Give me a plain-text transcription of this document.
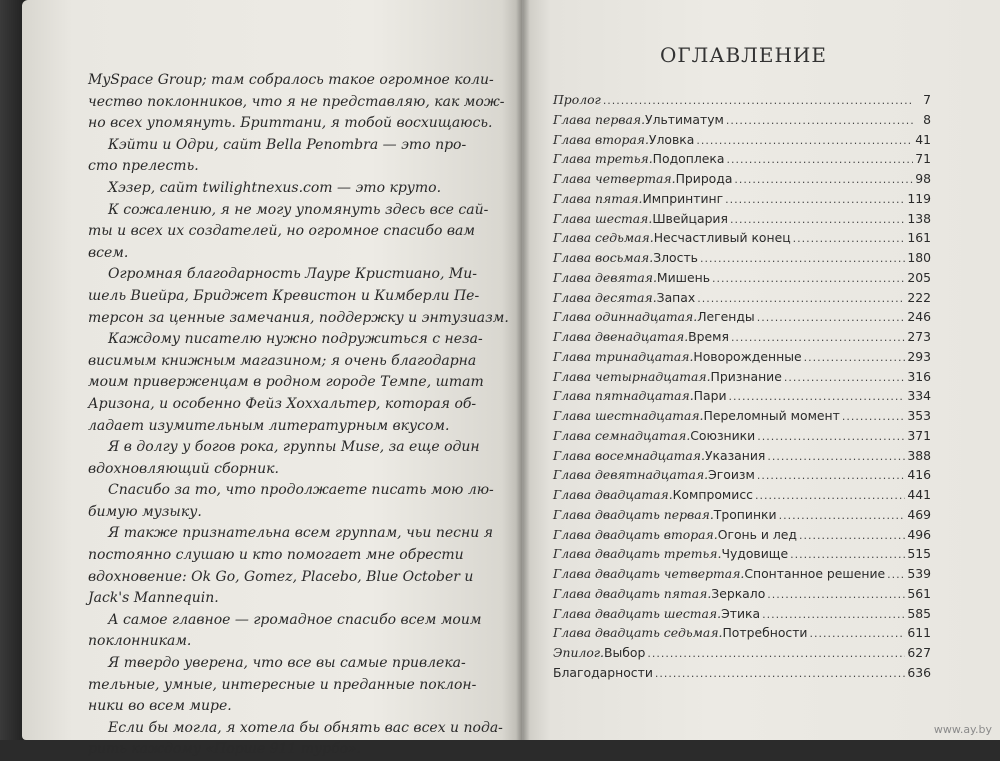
MySpace Group; там собралось такое огромное коли-
чество поклонников, что я не представляю, как мож-
но всех упомянуть. Бриттани, я тобой восхищаюсь.
Кэйти и Одри, сайт Bella Penombra — это про-
сто прелесть.
Хэзер, сайт twilightnexus.com — это круто.
К сожалению, я не могу упомянуть здесь все сай-
ты и всех их создателей, но огромное спасибо вам
всем.
Огромная благодарность Лауре Кристиано, Ми-
шель Виейра, Бриджет Кревистон и Кимберли Пе-
терсон за ценные замечания, поддержку и энтузиазм.
Каждому писателю нужно подружиться с неза-
висимым книжным магазином; я очень благодарна
моим приверженцам в родном городе Темпе, штат
Аризона, и особенно Фейз Хоххальтер, которая об-
ладает изумительным литературным вкусом.
Я в долгу у богов рока, группы Muse, за еще один
вдохновляющий сборник.
Спасибо за то, что продолжаете писать мою лю-
бимую музыку.
Я также признательна всем группам, чьи песни я
постоянно слушаю и кто помогает мне обрести
вдохновение: Ok Go, Gomez, Placebo, Blue October и
Jack's Mannequin.
А самое главное — громадное спасибо всем моим
поклонникам.
Я твердо уверена, что все вы самые привлека-
тельные, умные, интересные и преданные поклон-
ники во всем мире.
Если бы могла, я хотела бы обнять вас всех и пода-
рить каждому «Порше 911 турбо».

ОГЛАВЛЕНИЕ
Пролог .....	7
Глава первая. Ультиматум .....	8
Глава вторая. Уловка .....	41
Глава третья. Подоплека .....	71
Глава четвертая. Природа .....	98
Глава пятая. Импринтинг .....	119
Глава шестая. Швейцария .....	138
Глава седьмая. Несчастливый конец .....	161
Глава восьмая. Злость .....	180
Глава девятая. Мишень .....	205
Глава десятая. Запах .....	222
Глава одиннадцатая. Легенды .....	246
Глава двенадцатая. Время .....	273
Глава тринадцатая. Новорожденные .....	293
Глава четырнадцатая. Признание .....	316
Глава пятнадцатая. Пари .....	334
Глава шестнадцатая. Переломный момент .....	353
Глава семнадцатая. Союзники .....	371
Глава восемнадцатая. Указания .....	388
Глава девятнадцатая. Эгоизм .....	416
Глава двадцатая. Компромисс .....	441
Глава двадцать первая. Тропинки .....	469
Глава двадцать вторая. Огонь и лед .....	496
Глава двадцать третья. Чудовище .....	515
Глава двадцать четвертая. Спонтанное решение ..... 539
Глава двадцать пятая. Зеркало .....	561
Глава двадцать шестая. Этика .....	585
Глава двадцать седьмая. Потребности .....	611
Эпилог. Выбор .....	627
Благодарности .....	636
www.ay.by
